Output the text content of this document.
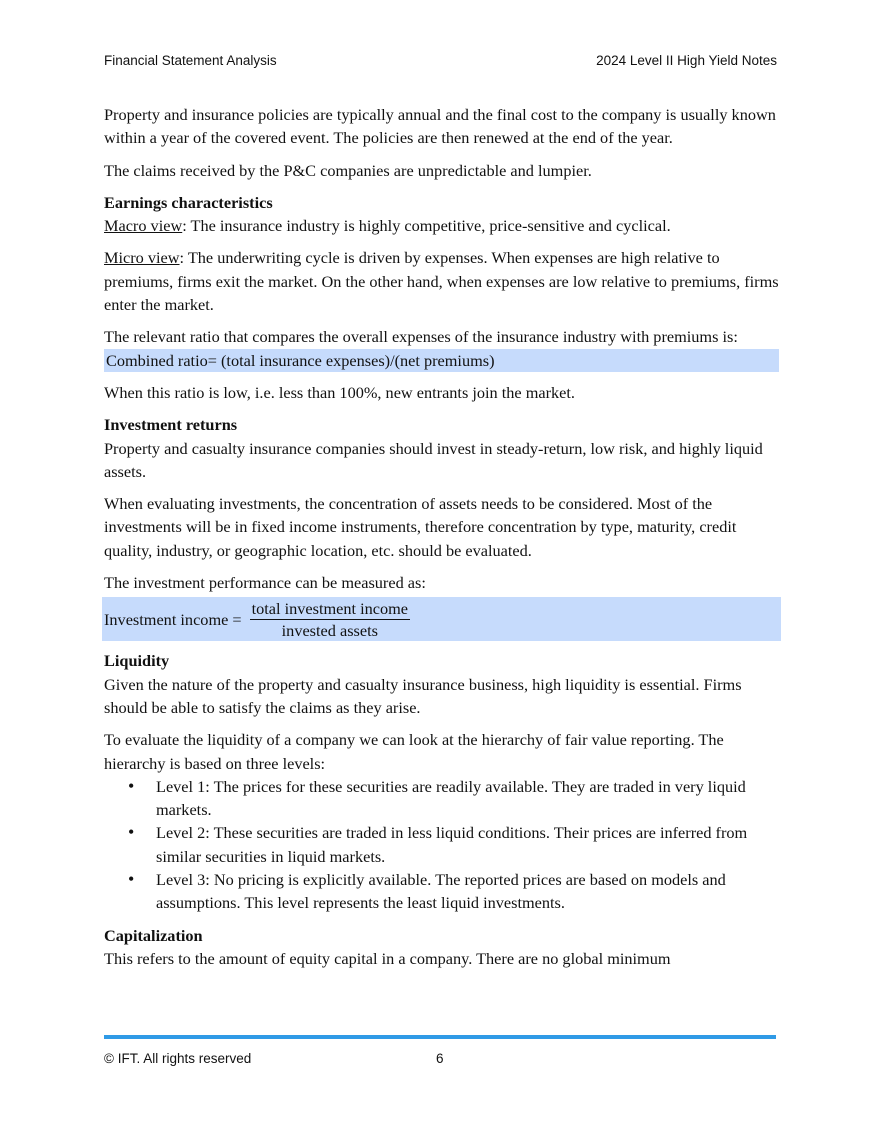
Financial Statement Analysis	2024 Level II High Yield Notes

Property and insurance policies are typically annual and the final cost to the company is usually known within a year of the covered event. The policies are then renewed at the end of the year.

The claims received by the P&C companies are unpredictable and lumpier.

Earnings characteristics

Macro view: The insurance industry is highly competitive, price-sensitive and cyclical.

Micro view: The underwriting cycle is driven by expenses. When expenses are high relative to premiums, firms exit the market. On the other hand, when expenses are low relative to premiums, firms enter the market.

The relevant ratio that compares the overall expenses of the insurance industry with premiums is:

Combined ratio= (total insurance expenses)/(net premiums)

When this ratio is low, i.e. less than 100%, new entrants join the market.

Investment returns

Property and casualty insurance companies should invest in steady-return, low risk, and highly liquid assets.

When evaluating investments, the concentration of assets needs to be considered. Most of the investments will be in fixed income instruments, therefore concentration by type, maturity, credit quality, industry, or geographic location, etc. should be evaluated.

The investment performance can be measured as:

Investment income = $\frac{\text{total investment income}}{\text{invested assets}}$
Liquidity

Given the nature of the property and casualty insurance business, high liquidity is essential. Firms should be able to satisfy the claims as they arise.

To evaluate the liquidity of a company we can look at the hierarchy of fair value reporting. The hierarchy is based on three levels:

• Level 1: The prices for these securities are readily available. They are traded in very liquid markets.
• Level 2: These securities are traded in less liquid conditions. Their prices are inferred from similar securities in liquid markets.
• Level 3: No pricing is explicitly available. The reported prices are based on models and assumptions. This level represents the least liquid investments.
Capitalization

This refers to the amount of equity capital in a company. There are no global minimum

© IFT. All rights reserved	6
